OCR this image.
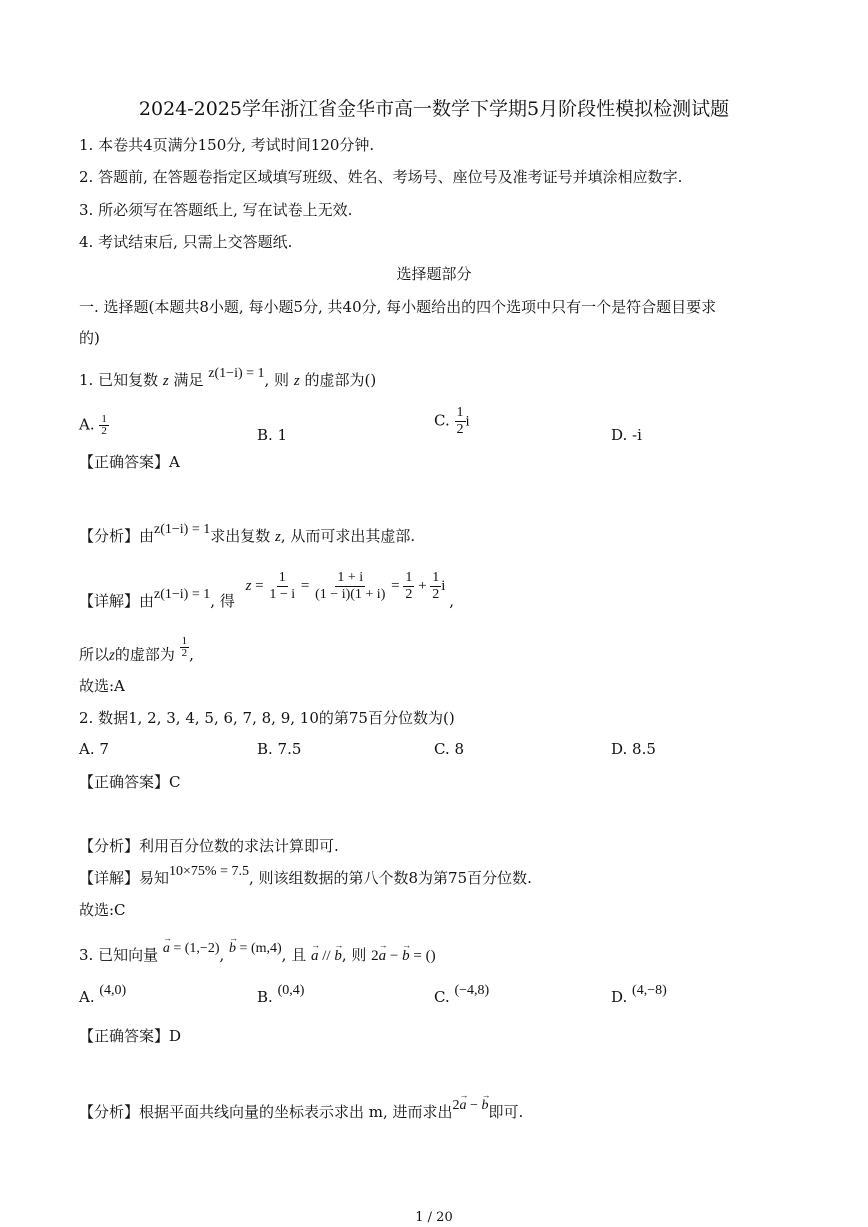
2024-2025学年浙江省金华市高一数学下学期5月阶段性模拟检测试题
1. 本卷共4页满分150分, 考试时间120分钟.
2. 答题前, 在答题卷指定区域填写班级、姓名、考场号、座位号及准考证号并填涂相应数字.
3. 所必须写在答题纸上, 写在试卷上无效.
4. 考试结束后, 只需上交答题纸.
选择题部分
一. 选择题(本题共8小题, 每小题5分, 共40分, 每小题给出的四个选项中只有一个是符合题目要求
的)
1. 已知复数 z 满足 z(1−i) = 1, 则 z 的虚部为()
A. $\frac{1}{2}$	B. 1
C. $\frac{1}{2}$ i
D. -i
【正确答案】A
【分析】由z(1−i) = 1求出复数 z, 从而可求出其虚部.
【详解】由z(1−i) = 1, 得 $z = \frac{1}{1 - i} = \frac{1 + i}{(1 - i)(1 + i)} = \frac{1}{2} + \frac{1}{2}$ i ,
所以z的虚部为 $\frac{1}{2}$ ,
故选:A
2. 数据1, 2, 3, 4, 5, 6, 7, 8, 9, 10的第75百分位数为()
A. 7	B. 7.5	C. 8	D. 8.5
【正确答案】C
【分析】利用百分位数的求法计算即可.
【详解】易知10×75% = 7.5, 则该组数据的第八个数8为第75百分位数.
故选:C
3. 已知向量 → a = (1,−2), → b = (m,4), 且 → a // → b, 则 2→ a − → b = ()
A. (4,0)	B. (0,4)	C. (−4,8)	D. (4,−8)
【正确答案】D
【分析】根据平面共线向量的坐标表示求出 m, 进而求出2→ a − → b即可.
1 / 20
